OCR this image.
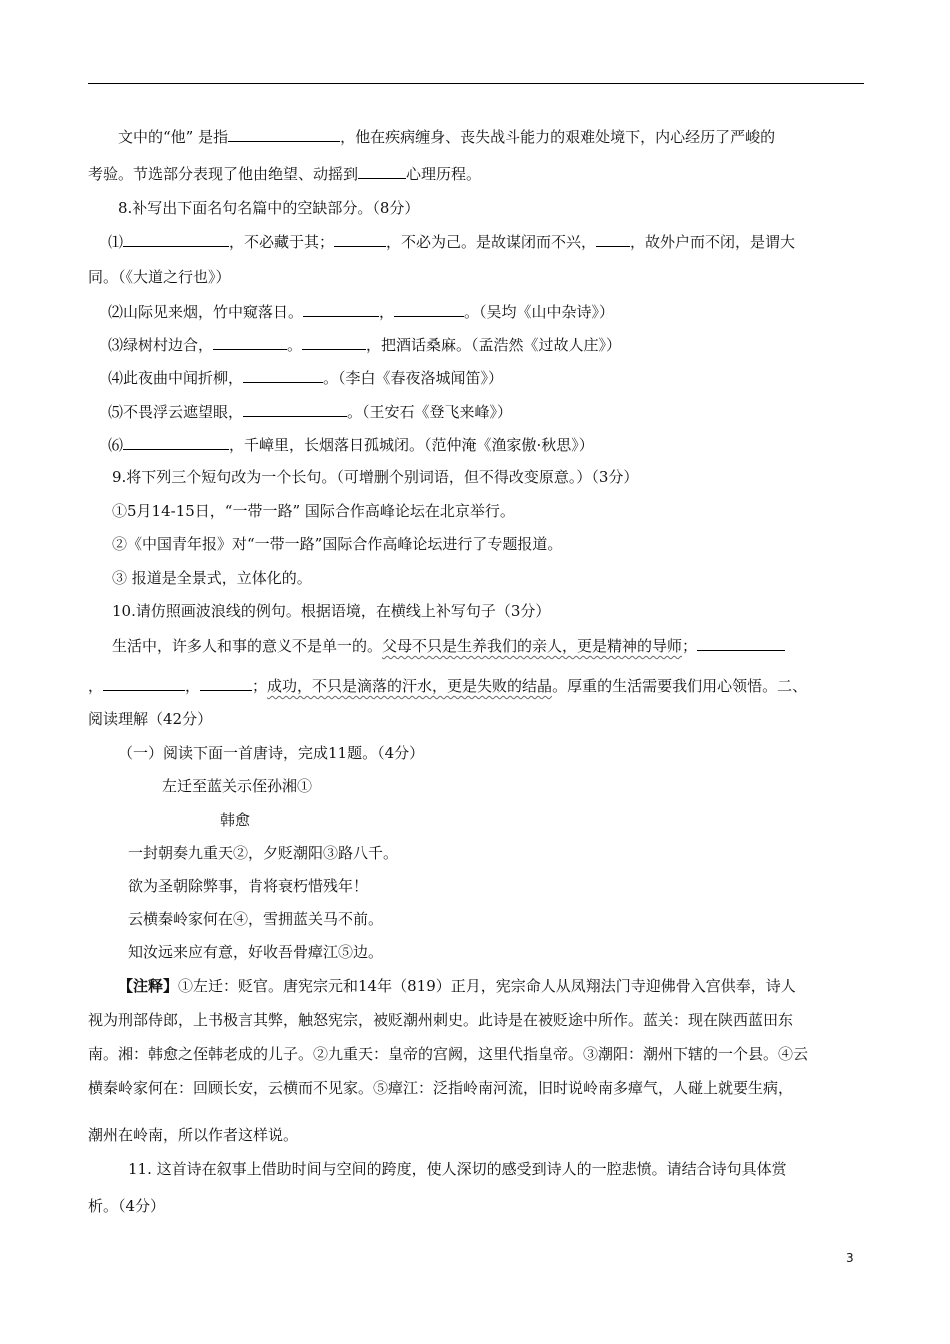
文中的“他” 是指	，他在疾病缠身、丧失战斗能力的艰难处境下，内心经历了严峻的
考验。节选部分表现了他由绝望、动摇到	心理历程。
8.补写出下面名句名篇中的空缺部分。（8分）
⑴	，不必藏于其；	，不必为己。是故谋闭而不兴， ，故外户而不闭，是谓大
同。（《大道之行也》）
⑵山际见来烟，竹中窥落日。	，	。（吴均《山中杂诗》）
⑶绿树村边合，	。	，把酒话桑麻。（孟浩然《过故人庄》）
⑷此夜曲中闻折柳，	。（李白《春夜洛城闻笛》）
⑸不畏浮云遮望眼，	。（王安石《登飞来峰》）
⑹	，千嶂里，长烟落日孤城闭。（范仲淹《渔家傲·秋思》）
9.将下列三个短句改为一个长句。（可增删个别词语，但不得改变原意。）（3分）
①5月14-15日，“一带一路” 国际合作高峰论坛在北京举行。
②《中国青年报》对“一带一路”国际合作高峰论坛进行了专题报道。
③ 报道是全景式，立体化的。
10.请仿照画波浪线的例句。根据语境，在横线上补写句子（3分）
生活中，许多人和事的意义不是单一的。父母不只是生养我们的亲人，更是精神的导师；
，	，	；成功，不只是滴落的汗水，更是失败的结晶。厚重的生活需要我们用心领悟。二、
阅读理解（42分）
（一）阅读下面一首唐诗，完成11题。（4分）
左迁至蓝关示侄孙湘①
韩愈
一封朝奏九重天②，夕贬潮阳③路八千。
欲为圣朝除弊事，肯将衰朽惜残年！
云横秦岭家何在④，雪拥蓝关马不前。
知汝远来应有意，好收吾骨瘴江⑤边。
【注释】①左迁：贬官。唐宪宗元和14年（819）正月，宪宗命人从凤翔法门寺迎佛骨入宫供奉，诗人
视为刑部侍郎，上书极言其弊，触怒宪宗，被贬潮州刺史。此诗是在被贬途中所作。蓝关：现在陕西蓝田东
南。湘：韩愈之侄韩老成的儿子。②九重天：皇帝的宫阙，这里代指皇帝。③潮阳：潮州下辖的一个县。④云
横秦岭家何在：回顾长安，云横而不见家。⑤瘴江：泛指岭南河流，旧时说岭南多瘴气，人碰上就要生病，
潮州在岭南，所以作者这样说。
11. 这首诗在叙事上借助时间与空间的跨度，使人深切的感受到诗人的一腔悲愤。请结合诗句具体赏
析。（4分）
3
